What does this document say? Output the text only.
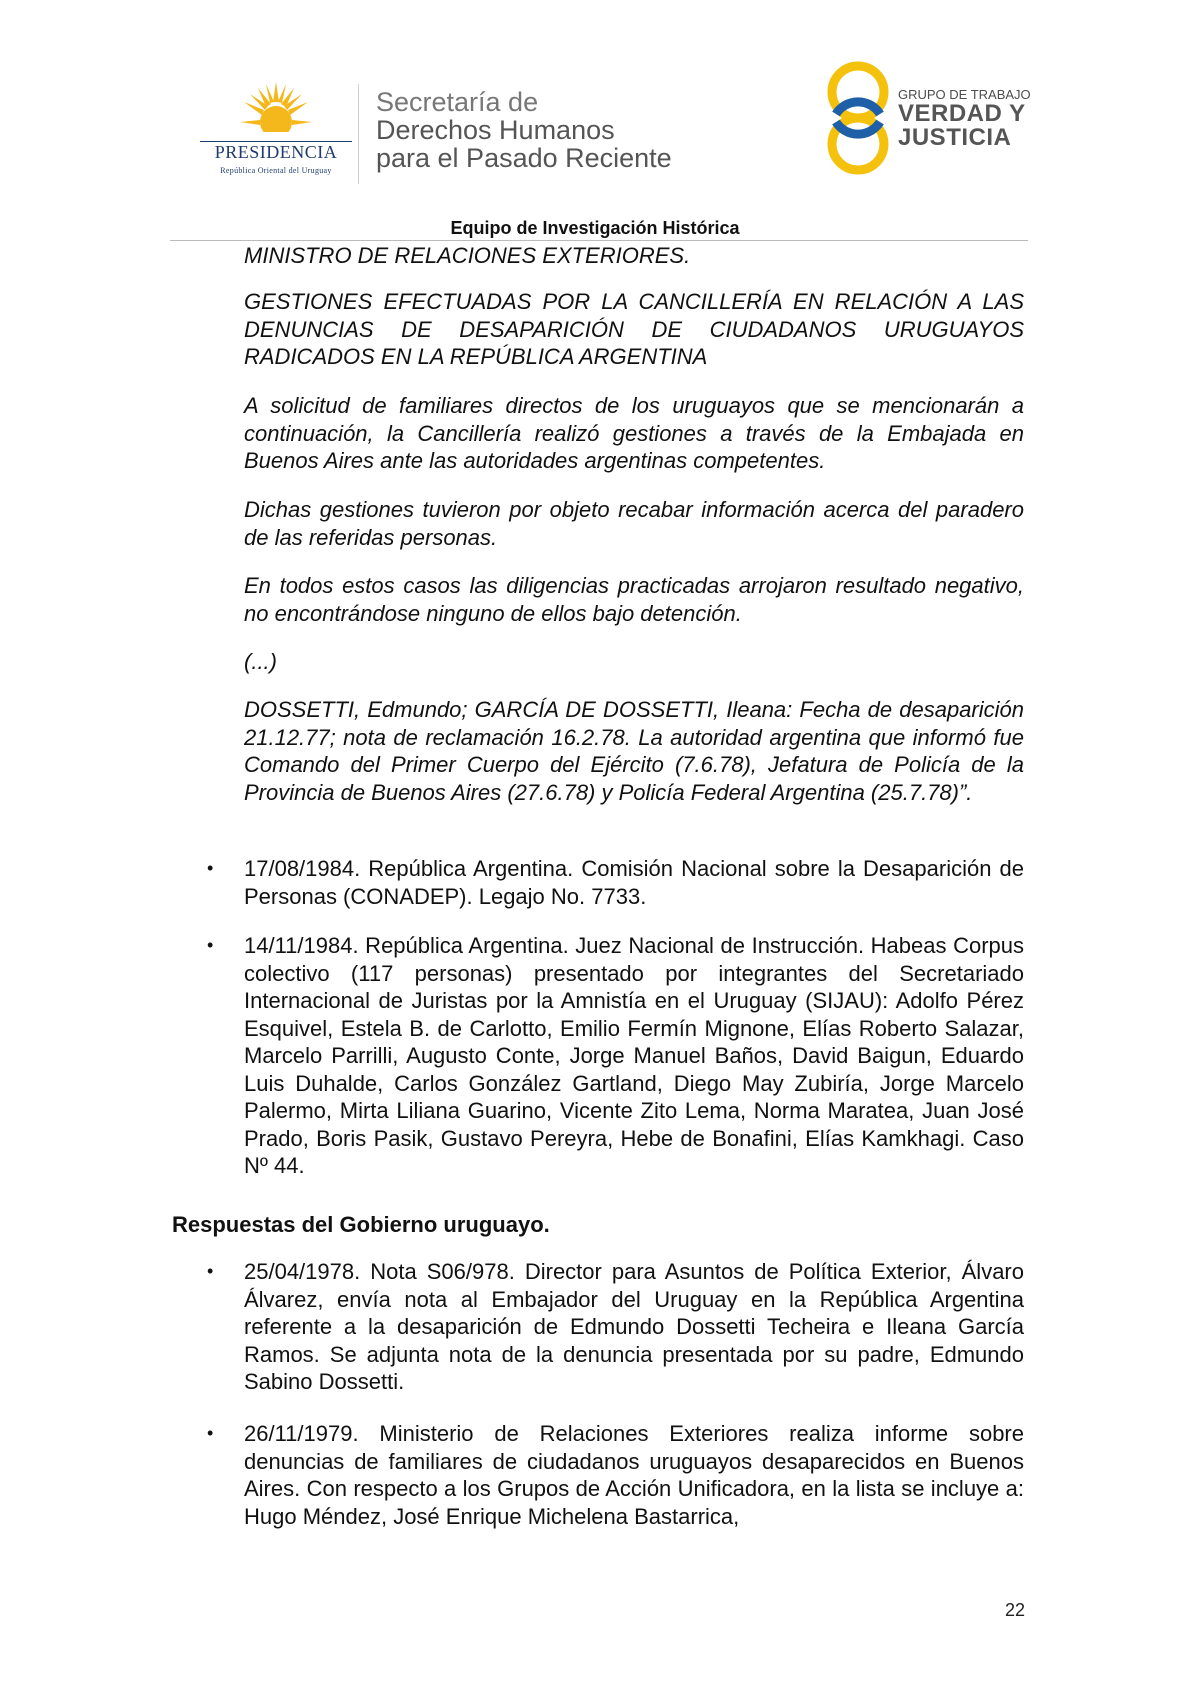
PRESIDENCIA
República Oriental del Uruguay
Secretaría de
Derechos Humanos
para el Pasado Reciente
GRUPO DE TRABAJO
VERDAD Y
JUSTICIA
Equipo de Investigación Histórica
MINISTRO DE RELACIONES EXTERIORES.
GESTIONES EFECTUADAS POR LA CANCILLERÍA EN RELACIÓN A LAS DENUNCIAS DE DESAPARICIÓN DE CIUDADANOS URUGUAYOS RADICADOS EN LA REPÚBLICA ARGENTINA
A solicitud de familiares directos de los uruguayos que se mencionarán a continuación, la Cancillería realizó gestiones a través de la Embajada en Buenos Aires ante las autoridades argentinas competentes.
Dichas gestiones tuvieron por objeto recabar información acerca del paradero de las referidas personas.
En todos estos casos las diligencias practicadas arrojaron resultado negativo, no encontrándose ninguno de ellos bajo detención.
(...)
DOSSETTI, Edmundo; GARCÍA DE DOSSETTI, Ileana: Fecha de desaparición 21.12.77; nota de reclamación 16.2.78. La autoridad argentina que informó fue Comando del Primer Cuerpo del Ejército (7.6.78), Jefatura de Policía de la Provincia de Buenos Aires (27.6.78) y Policía Federal Argentina (25.7.78)”.
• 17/08/1984. República Argentina. Comisión Nacional sobre la Desaparición de Personas (CONADEP). Legajo No. 7733.
• 14/11/1984. República Argentina. Juez Nacional de Instrucción. Habeas Corpus colectivo (117 personas) presentado por integrantes del Secretariado Internacional de Juristas por la Amnistía en el Uruguay (SIJAU): Adolfo Pérez Esquivel, Estela B. de Carlotto, Emilio Fermín Mignone, Elías Roberto Salazar, Marcelo Parrilli, Augusto Conte, Jorge Manuel Baños, David Baigun, Eduardo Luis Duhalde, Carlos González Gartland, Diego May Zubiría, Jorge Marcelo Palermo, Mirta Liliana Guarino, Vicente Zito Lema, Norma Maratea, Juan José Prado, Boris Pasik, Gustavo Pereyra, Hebe de Bonafini, Elías Kamkhagi. Caso Nº 44.
Respuestas del Gobierno uruguayo.
• 25/04/1978. Nota S06/978. Director para Asuntos de Política Exterior, Álvaro Álvarez, envía nota al Embajador del Uruguay en la República Argentina referente a la desaparición de Edmundo Dossetti Techeira e Ileana García Ramos. Se adjunta nota de la denuncia presentada por su padre, Edmundo Sabino Dossetti.
• 26/11/1979. Ministerio de Relaciones Exteriores realiza informe sobre denuncias de familiares de ciudadanos uruguayos desaparecidos en Buenos Aires. Con respecto a los Grupos de Acción Unificadora, en la lista se incluye a: Hugo Méndez, José Enrique Michelena Bastarrica,
22
